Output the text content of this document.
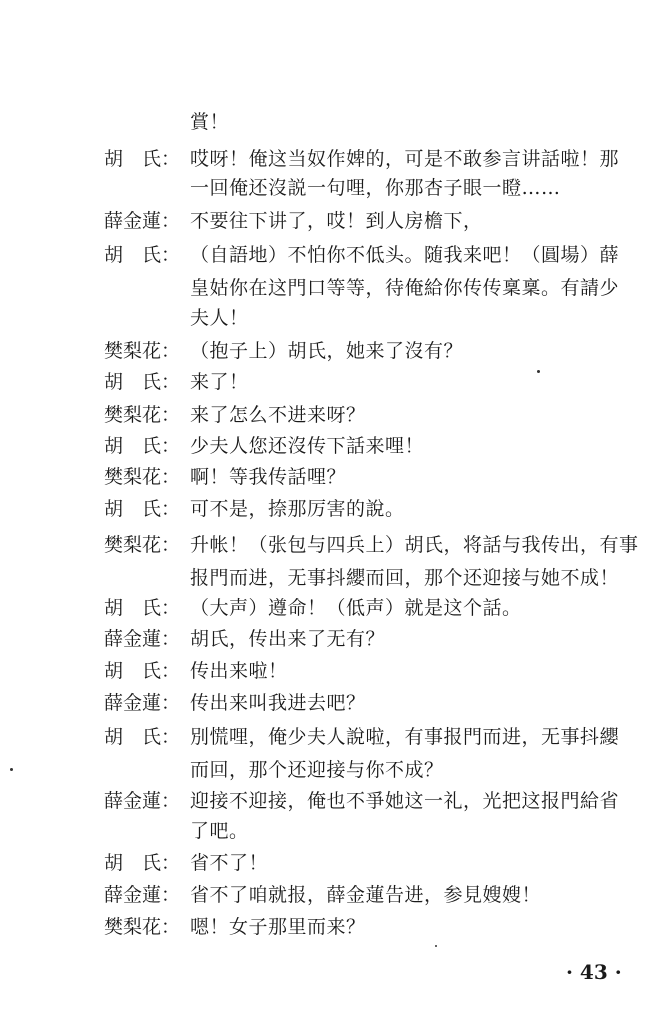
賞！
胡　氏： 哎呀！俺这当奴作婢的，可是不敢参言讲話啦！那
一回俺还沒説一句哩，你那杏子眼一瞪……
薛金蓮： 不要往下讲了，哎！到人房檐下，
胡　氏： （自語地）不怕你不低头。随我来吧！（圓場）薛
皇姑你在这門口等等，待俺給你传传稟稟。有請少
夫人！
樊梨花： （抱子上）胡氏，她来了沒有？
胡　氏： 来了！
樊梨花： 来了怎么不进来呀？
胡　氏： 少夫人您还沒传下話来哩！
樊梨花： 啊！等我传話哩？
胡　氏： 可不是，捺那厉害的說。
樊梨花： 升帐！（张包与四兵上）胡氏，将話与我传出，有事
报門而进，无事抖纓而回，那个还迎接与她不成！
胡　氏： （大声）遵命！（低声）就是这个話。
薛金蓮： 胡氏，传出来了无有？
胡　氏： 传出来啦！
薛金蓮： 传出来叫我进去吧？
胡　氏： 別慌哩，俺少夫人說啦，有事报門而进，无事抖纓
而回，那个还迎接与你不成？
薛金蓮： 迎接不迎接，俺也不爭她这一礼，光把这报門給省
了吧。
胡　氏： 省不了！
薛金蓮： 省不了咱就报，薛金蓮告进，参見嫂嫂！
樊梨花： 嗯！女子那里而来？
· 43 ·
